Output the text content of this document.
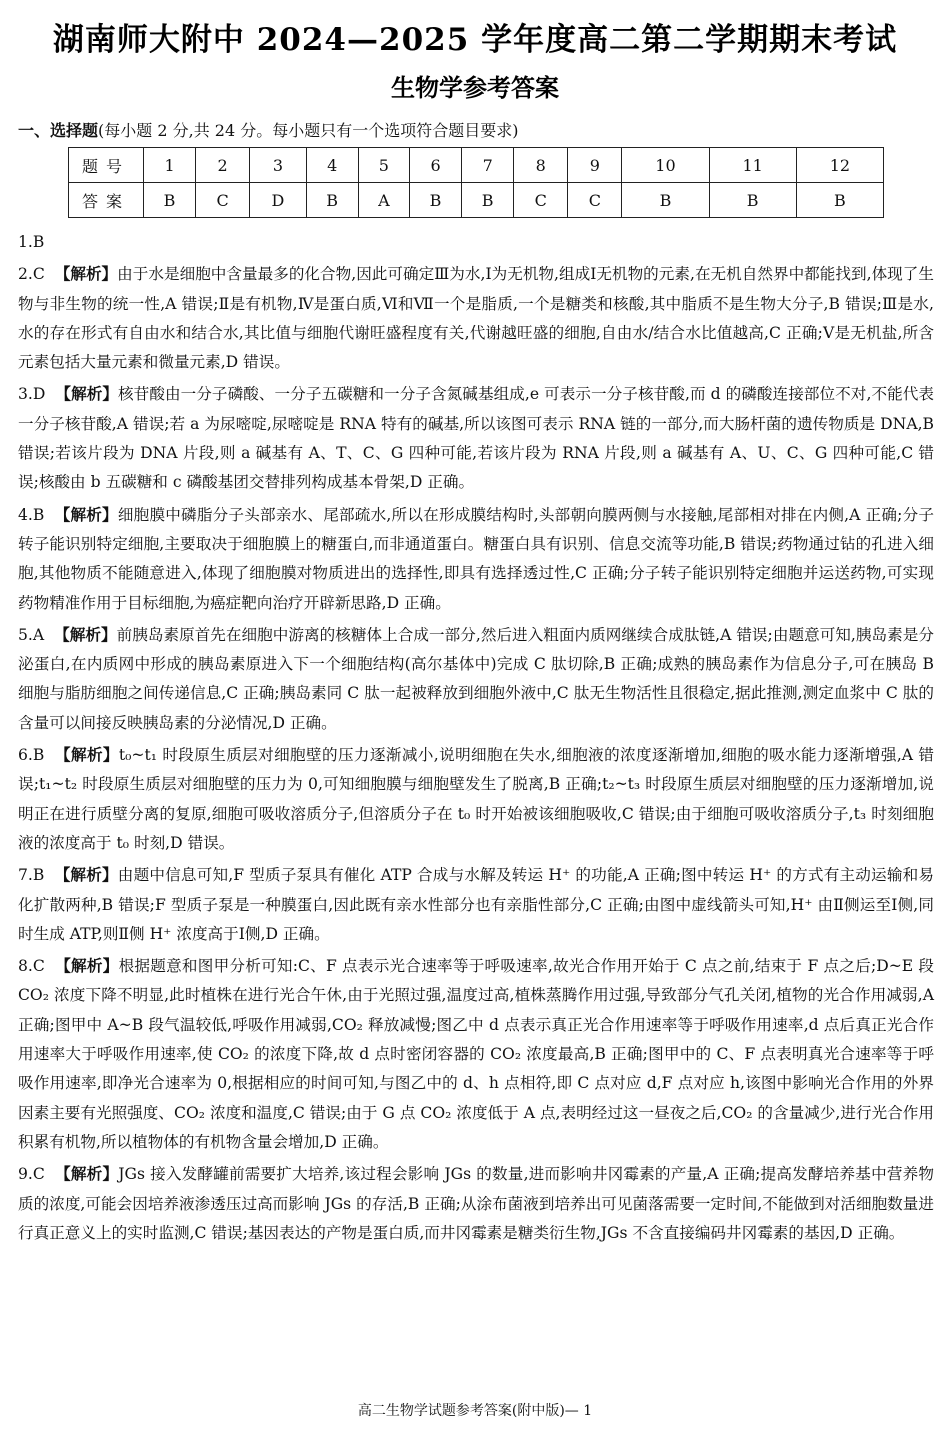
湖南师大附中 2024—2025 学年度高二第二学期期末考试
生物学参考答案
一、选择题(每小题 2 分,共 24 分。每小题只有一个选项符合题目要求)
题号	1	2	3	4	5	6	7	8	9	10	11	12
答案	B	C	D	B	A	B	B	C	C	B	B	B
1.B
2.C 【解析】由于水是细胞中含量最多的化合物,因此可确定Ⅲ为水,Ⅰ为无机物,组成Ⅰ无机物的元素,在无机自然界中都能找到,体现了生物与非生物的统一性,A 错误;Ⅱ是有机物,Ⅳ是蛋白质,Ⅵ和Ⅶ一个是脂质,一个是糖类和核酸,其中脂质不是生物大分子,B 错误;Ⅲ是水,水的存在形式有自由水和结合水,其比值与细胞代谢旺盛程度有关,代谢越旺盛的细胞,自由水/结合水比值越高,C 正确;Ⅴ是无机盐,所含元素包括大量元素和微量元素,D 错误。
3.D 【解析】核苷酸由一分子磷酸、一分子五碳糖和一分子含氮碱基组成,e 可表示一分子核苷酸,而 d 的磷酸连接部位不对,不能代表一分子核苷酸,A 错误;若 a 为尿嘧啶,尿嘧啶是 RNA 特有的碱基,所以该图可表示 RNA 链的一部分,而大肠杆菌的遗传物质是 DNA,B 错误;若该片段为 DNA 片段,则 a 碱基有 A、T、C、G 四种可能,若该片段为 RNA 片段,则 a 碱基有 A、U、C、G 四种可能,C 错误;核酸由 b 五碳糖和 c 磷酸基团交替排列构成基本骨架,D 正确。
4.B 【解析】细胞膜中磷脂分子头部亲水、尾部疏水,所以在形成膜结构时,头部朝向膜两侧与水接触,尾部相对排在内侧,A 正确;分子转子能识别特定细胞,主要取决于细胞膜上的糖蛋白,而非通道蛋白。糖蛋白具有识别、信息交流等功能,B 错误;药物通过钻的孔进入细胞,其他物质不能随意进入,体现了细胞膜对物质进出的选择性,即具有选择透过性,C 正确;分子转子能识别特定细胞并运送药物,可实现药物精准作用于目标细胞,为癌症靶向治疗开辟新思路,D 正确。
5.A 【解析】前胰岛素原首先在细胞中游离的核糖体上合成一部分,然后进入粗面内质网继续合成肽链,A 错误;由题意可知,胰岛素是分泌蛋白,在内质网中形成的胰岛素原进入下一个细胞结构(高尔基体中)完成 C 肽切除,B 正确;成熟的胰岛素作为信息分子,可在胰岛 B 细胞与脂肪细胞之间传递信息,C 正确;胰岛素同 C 肽一起被释放到细胞外液中,C 肽无生物活性且很稳定,据此推测,测定血浆中 C 肽的含量可以间接反映胰岛素的分泌情况,D 正确。
6.B 【解析】t₀~t₁ 时段原生质层对细胞壁的压力逐渐减小,说明细胞在失水,细胞液的浓度逐渐增加,细胞的吸水能力逐渐增强,A 错误;t₁~t₂ 时段原生质层对细胞壁的压力为 0,可知细胞膜与细胞壁发生了脱离,B 正确;t₂~t₃ 时段原生质层对细胞壁的压力逐渐增加,说明正在进行质壁分离的复原,细胞可吸收溶质分子,但溶质分子在 t₀ 时开始被该细胞吸收,C 错误;由于细胞可吸收溶质分子,t₃ 时刻细胞液的浓度高于 t₀ 时刻,D 错误。
7.B 【解析】由题中信息可知,F 型质子泵具有催化 ATP 合成与水解及转运 H⁺ 的功能,A 正确;图中转运 H⁺ 的方式有主动运输和易化扩散两种,B 错误;F 型质子泵是一种膜蛋白,因此既有亲水性部分也有亲脂性部分,C 正确;由图中虚线箭头可知,H⁺ 由Ⅱ侧运至Ⅰ侧,同时生成 ATP,则Ⅱ侧 H⁺ 浓度高于Ⅰ侧,D 正确。
8.C 【解析】根据题意和图甲分析可知:C、F 点表示光合速率等于呼吸速率,故光合作用开始于 C 点之前,结束于 F 点之后;D~E 段 CO₂ 浓度下降不明显,此时植株在进行光合午休,由于光照过强,温度过高,植株蒸腾作用过强,导致部分气孔关闭,植物的光合作用减弱,A 正确;图甲中 A~B 段气温较低,呼吸作用减弱,CO₂ 释放减慢;图乙中 d 点表示真正光合作用速率等于呼吸作用速率,d 点后真正光合作用速率大于呼吸作用速率,使 CO₂ 的浓度下降,故 d 点时密闭容器的 CO₂ 浓度最高,B 正确;图甲中的 C、F 点表明真光合速率等于呼吸作用速率,即净光合速率为 0,根据相应的时间可知,与图乙中的 d、h 点相符,即 C 点对应 d,F 点对应 h,该图中影响光合作用的外界因素主要有光照强度、CO₂ 浓度和温度,C 错误;由于 G 点 CO₂ 浓度低于 A 点,表明经过这一昼夜之后,CO₂ 的含量减少,进行光合作用积累有机物,所以植物体的有机物含量会增加,D 正确。
9.C 【解析】JGs 接入发酵罐前需要扩大培养,该过程会影响 JGs 的数量,进而影响井冈霉素的产量,A 正确;提高发酵培养基中营养物质的浓度,可能会因培养液渗透压过高而影响 JGs 的存活,B 正确;从涂布菌液到培养出可见菌落需要一定时间,不能做到对活细胞数量进行真正意义上的实时监测,C 错误;基因表达的产物是蛋白质,而井冈霉素是糖类衍生物,JGs 不含直接编码井冈霉素的基因,D 正确。
高二生物学试题参考答案(附中版)— 1
